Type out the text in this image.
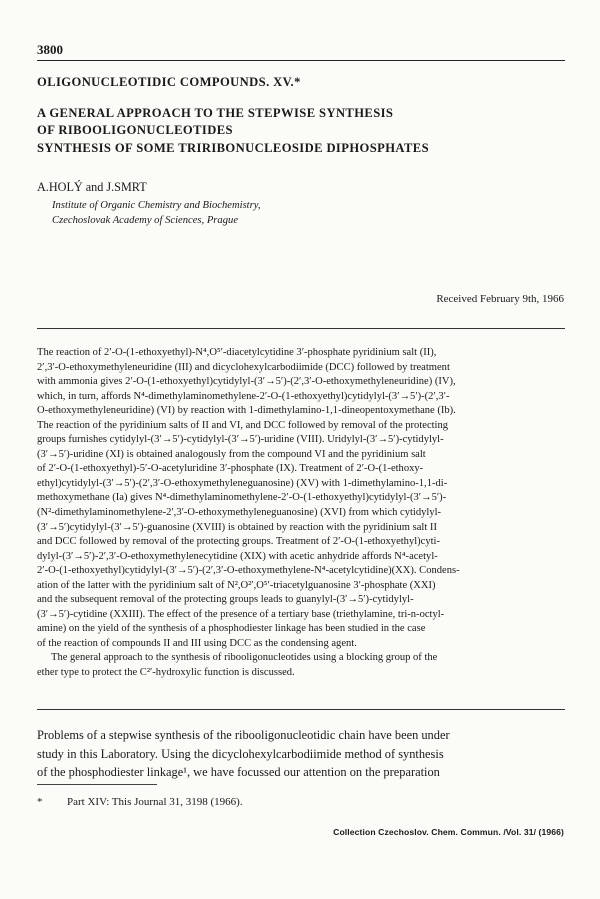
3800
OLIGONUCLEOTIDIC COMPOUNDS. XV.*
A GENERAL APPROACH TO THE STEPWISE SYNTHESIS
OF RIBOOLIGONUCLEOTIDES
SYNTHESIS OF SOME TRIRIBONUCLEOSIDE DIPHOSPHATES
A.HOLÝ and J.SMRT
Institute of Organic Chemistry and Biochemistry,
Czechoslovak Academy of Sciences, Prague
Received February 9th, 1966
The reaction of 2′-O-(1-ethoxyethyl)-N⁴,O⁵′-diacetylcytidine 3′-phosphate pyridinium salt (II),
2′,3′-O-ethoxymethyleneuridine (III) and dicyclohexylcarbodiimide (DCC) followed by treatment
with ammonia gives 2′-O-(1-ethoxyethyl)cytidylyl-(3′→5′)-(2′,3′-O-ethoxymethyleneuridine) (IV),
which, in turn, affords N⁴-dimethylaminomethylene-2′-O-(1-ethoxyethyl)cytidylyl-(3′→5′)-(2′,3′-
O-ethoxymethyleneuridine) (VI) by reaction with 1-dimethylamino-1,1-dineopentoxymethane (Ib).
The reaction of the pyridinium salts of II and VI, and DCC followed by removal of the protecting
groups furnishes cytidylyl-(3′→5′)-cytidylyl-(3′→5′)-uridine (VIII). Uridylyl-(3′→5′)-cytidylyl-
(3′→5′)-uridine (XI) is obtained analogously from the compound VI and the pyridinium salt
of 2′-O-(1-ethoxyethyl)-5′-O-acetyluridine 3′-phosphate (IX). Treatment of 2′-O-(1-ethoxy-
ethyl)cytidylyl-(3′→5′)-(2′,3′-O-ethoxymethyleneguanosine) (XV) with 1-dimethylamino-1,1-di-
methoxymethane (Ia) gives N⁴-dimethylaminomethylene-2′-O-(1-ethoxyethyl)cytidylyl-(3′→5′)-
(N²-dimethylaminomethylene-2′,3′-O-ethoxymethyleneguanosine) (XVI) from which cytidylyl-
(3′→5′)cytidylyl-(3′→5′)-guanosine (XVIII) is obtained by reaction with the pyridinium salt II
and DCC followed by removal of the protecting groups. Treatment of 2′-O-(1-ethoxyethyl)cyti-
dylyl-(3′→5′)-2′,3′-O-ethoxymethylenecytidine (XIX) with acetic anhydride affords N⁴-acetyl-
2′-O-(1-ethoxyethyl)cytidylyl-(3′→5′)-(2′,3′-O-ethoxymethylene-N⁴-acetylcytidine)(XX). Condens-
ation of the latter with the pyridinium salt of N²,O²′,O⁵′-triacetylguanosine 3′-phosphate (XXI)
and the subsequent removal of the protecting groups leads to guanylyl-(3′→5′)-cytidylyl-
(3′→5′)-cytidine (XXIII). The effect of the presence of a tertiary base (triethylamine, tri-n-octyl-
amine) on the yield of the synthesis of a phosphodiester linkage has been studied in the case
of the reaction of compounds II and III using DCC as the condensing agent.
The general approach to the synthesis of ribooligonucleotides using a blocking group of the
ether type to protect the C²′-hydroxylic function is discussed.
Problems of a stepwise synthesis of the ribooligonucleotidic chain have been under
study in this Laboratory. Using the dicyclohexylcarbodiimide method of synthesis
of the phosphodiester linkage¹, we have focussed our attention on the preparation
* Part XIV: This Journal 31, 3198 (1966).
Collection Czechoslov. Chem. Commun. /Vol. 31/ (1966)
